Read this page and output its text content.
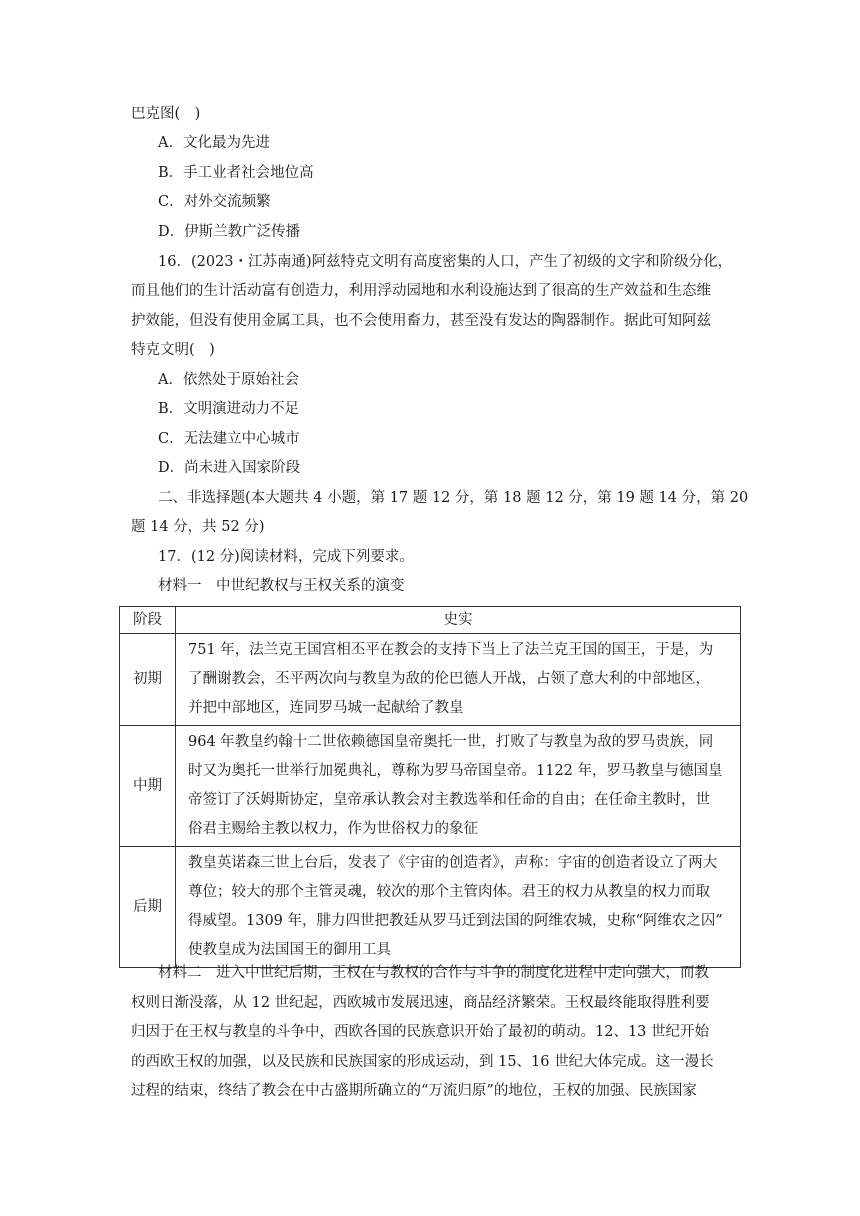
巴克图(　)
A．文化最为先进
B．手工业者社会地位高
C．对外交流频繁
D．伊斯兰教广泛传播
16．(2023・江苏南通)阿兹特克文明有高度密集的人口，产生了初级的文字和阶级分化，
而且他们的生计活动富有创造力，利用浮动园地和水利设施达到了很高的生产效益和生态维
护效能，但没有使用金属工具，也不会使用畜力，甚至没有发达的陶器制作。据此可知阿兹
特克文明(　)
A．依然处于原始社会
B．文明演进动力不足
C．无法建立中心城市
D．尚未进入国家阶段
二、非选择题(本大题共 4 小题，第 17 题 12 分，第 18 题 12 分，第 19 题 14 分，第 20
题 14 分，共 52 分)
17．(12 分)阅读材料，完成下列要求。
材料一　中世纪教权与王权关系的演变
阶段	史实
初期	751 年，法兰克王国宫相丕平在教会的支持下当上了法兰克王国的国王，于是，为
了酬谢教会，丕平两次向与教皇为敌的伦巴德人开战，占领了意大利的中部地区，
并把中部地区，连同罗马城一起献给了教皇

中期	964 年教皇约翰十二世依赖德国皇帝奥托一世，打败了与教皇为敌的罗马贵族，同
时又为奥托一世举行加冕典礼，尊称为罗马帝国皇帝。1122 年，罗马教皇与德国皇
帝签订了沃姆斯协定，皇帝承认教会对主教选举和任命的自由；在任命主教时，世
俗君主赐给主教以权力，作为世俗权力的象征

后期	教皇英诺森三世上台后，发表了《宇宙的创造者》，声称：宇宙的创造者设立了两大
尊位；较大的那个主管灵魂，较次的那个主管肉体。君王的权力从教皇的权力而取
得威望。1309 年，腓力四世把教廷从罗马迁到法国的阿维农城，史称“阿维农之囚”
使教皇成为法国国王的御用工具
材料二　进入中世纪后期，王权在与教权的合作与斗争的制度化进程中走向强大，而教
权则日渐没落，从 12 世纪起，西欧城市发展迅速，商品经济繁荣。王权最终能取得胜利要
归因于在王权与教皇的斗争中，西欧各国的民族意识开始了最初的萌动。12、13 世纪开始
的西欧王权的加强，以及民族和民族国家的形成运动，到 15、16 世纪大体完成。这一漫长
过程的结束，终结了教会在中古盛期所确立的“万流归原”的地位，王权的加强、民族国家
